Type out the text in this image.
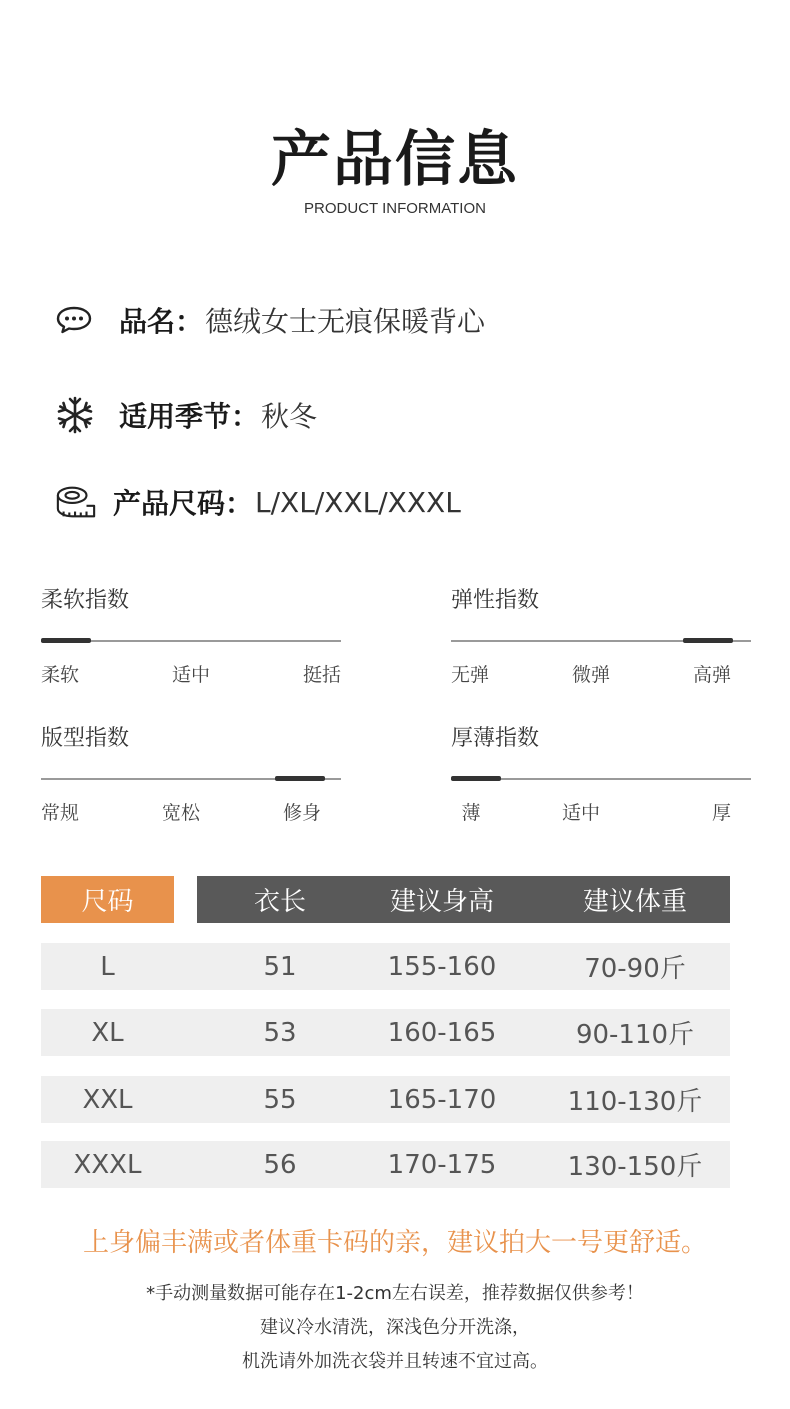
产品信息
PRODUCT INFORMATION
品名： 德绒女士无痕保暖背心
适用季节： 秋冬
产品尺码： L/XL/XXL/XXXL
柔软指数
柔软	适中	挺括
弹性指数
无弹	微弹	高弹
版型指数
常规	宽松	修身
厚薄指数
薄	适中	厚
尺码	衣长	建议身高	建议体重
L	51	155-160	70-90斤
XL	53	160-165	90-110斤
XXL	55	165-170	110-130斤
XXXL	56	170-175	130-150斤
上身偏丰满或者体重卡码的亲，建议拍大一号更舒适。
*手动测量数据可能存在1-2cm左右误差，推荐数据仅供参考！
建议冷水清洗，深浅色分开洗涤，
机洗请外加洗衣袋并且转速不宜过高。
